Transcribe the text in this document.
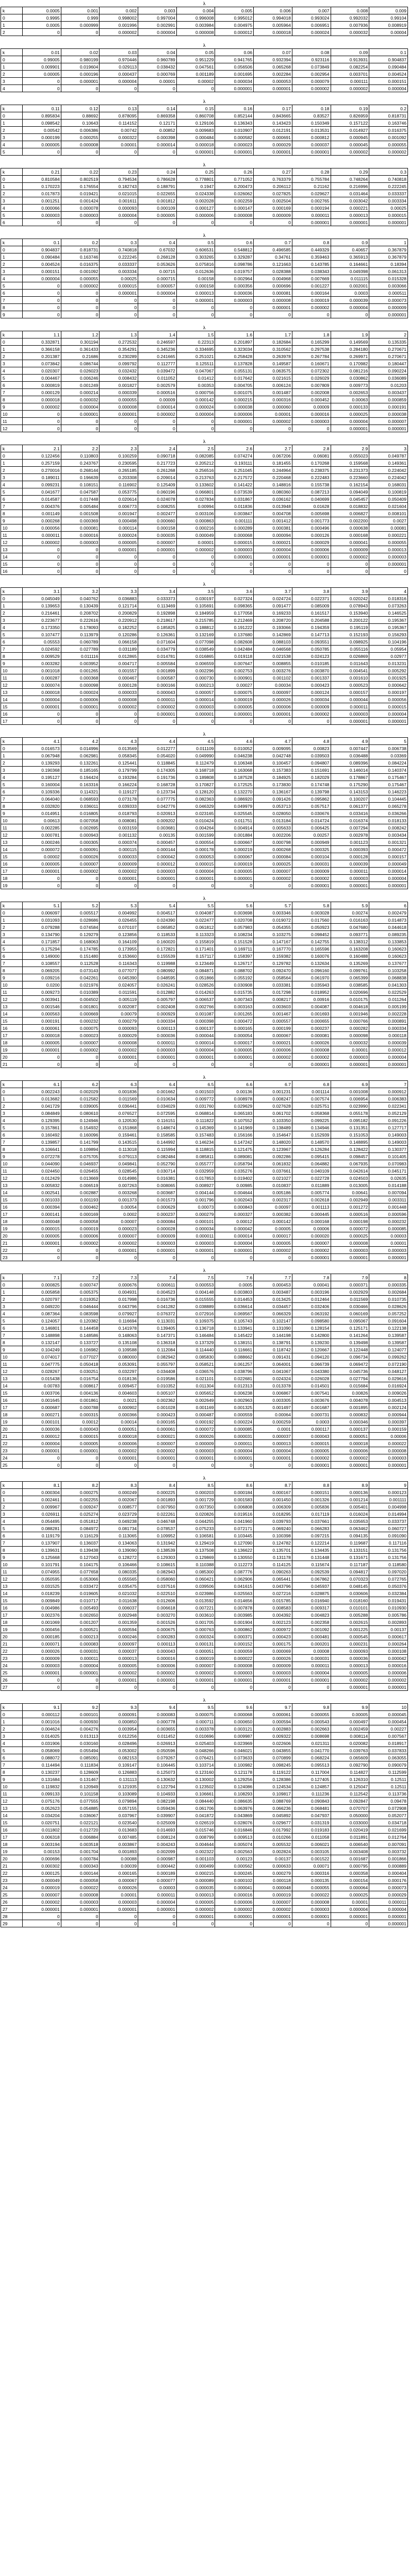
λ
k	0.0005	0.001	0.002	0.003	0.004	0.005	0.006	0.007	0.008	0.009
0	0.9995	0.999	0.998002	0.997004	0.996008	0.995012	0.994018	0.993024	0.992032	0.99104
1	0.0005	0.000999	0.001996	0.002991	0.003984	0.004975	0.005964	0.006951	0.007936	0.008919
2	0	0	0.000002	0.000004	0.000008	0.000012	0.000018	0.000024	0.000032	0.00004
λ
k	0.01	0.02	0.03	0.04	0.05	0.06	0.07	0.08	0.09	0.1
0	0.99005	0.980199	0.970446	0.960789	0.951229	0.941765	0.932394	0.923116	0.913931	0.904837
1	0.009901	0.019604	0.029113	0.038432	0.047561	0.056506	0.065268	0.073849	0.082254	0.090484
2	0.00005	0.000196	0.000437	0.000769	0.001189	0.001695	0.002284	0.002954	0.003701	0.004524
3	0	0.000001	0.000004	0.00001	0.00002	0.000034	0.000053	0.000079	0.000111	0.000151
4	0	0	0	0	0	0.000001	0.000001	0.000002	0.000002	0.000004
λ
k	0.11	0.12	0.13	0.14	0.15	0.16	0.17	0.18	0.19	0.2
0	0.895834	0.88692	0.878095	0.869358	0.860708	0.852144	0.843665	0.83527	0.826959	0.818731
1	0.098542	0.10643	0.114152	0.12171	0.129106	0.136343	0.143423	0.150349	0.157122	0.163746
2	0.00542	0.006386	0.00742	0.00852	0.009683	0.010907	0.012191	0.013531	0.014927	0.016375
3	0.000199	0.000255	0.000322	0.000398	0.000484	0.000582	0.000691	0.000812	0.000945	0.001092
4	0.000005	0.000008	0.00001	0.000014	0.000018	0.000023	0.000029	0.000037	0.000045	0.000055
5	0	0	0	0	0.000001	0.000001	0.000001	0.000001	0.000002	0.000002
λ
k	0.21	0.22	0.23	0.24	0.25	0.26	0.27	0.28	0.29	0.3
0	0.810584	0.802519	0.794534	0.786628	0.778801	0.771052	0.763379	0.755784	0.748264	0.740818
1	0.170223	0.176554	0.182743	0.188791	0.1947	0.200473	0.206112	0.21162	0.216996	0.222245
2	0.017873	0.019421	0.021015	0.022655	0.024338	0.026062	0.027825	0.029627	0.031464	0.033337
3	0.001251	0.001424	0.001611	0.001812	0.002028	0.002259	0.002504	0.002765	0.003042	0.003334
4	0.000066	0.000078	0.000093	0.000109	0.000127	0.000147	0.000169	0.000194	0.000221	0.00025
5	0.000003	0.000003	0.000004	0.000005	0.000006	0.000008	0.000009	0.000011	0.000013	0.000015
6	0	0	0	0	0	0	0	0.000001	0.000001	0.000001
λ
k	0.1	0.2	0.3	0.4	0.5	0.6	0.7	0.8	0.9	1
0	0.904837	0.818731	0.740818	0.67032	0.606531	0.548812	0.496585	0.449329	0.40657	0.367879
1	0.090484	0.163746	0.222245	0.268128	0.303265	0.329287	0.34761	0.359463	0.365913	0.367879
2	0.004524	0.016375	0.033337	0.053626	0.075816	0.098786	0.121663	0.143785	0.164661	0.18394
3	0.000151	0.001092	0.003334	0.00715	0.012636	0.019757	0.028388	0.038343	0.049398	0.061313
4	0.000004	0.000055	0.00025	0.000715	0.00158	0.002964	0.004968	0.007669	0.011115	0.015328
5	0	0.000002	0.000015	0.000057	0.000158	0.000356	0.000696	0.001227	0.002001	0.003066
6	0	0	0.000001	0.000004	0.000013	0.000036	0.000081	0.000164	0.0003	0.000511
7	0	0	0	0	0.000001	0.000003	0.000008	0.000019	0.000039	0.000073
8	0	0	0	0	0	0	0.000001	0.000002	0.000004	0.000009
9	0	0	0	0	0	0	0	0	0	0.000001
λ
k	1.1	1.2	1.3	1.4	1.5	1.6	1.7	1.8	1.9	2
0	0.332871	0.301194	0.272532	0.246597	0.22313	0.201897	0.182684	0.165299	0.149569	0.135335
1	0.366158	0.361433	0.354291	0.345236	0.334695	0.323034	0.310562	0.297538	0.284180	0.270671
2	0.201387	0.21686	0.230289	0.241665	0.251021	0.258428	0.263978	0.267784	0.269971	0.270671
3	0.073842	0.086744	0.099792	0.112777	0.125511	0.137828	0.149587	0.160671	0.170982	0.180447
4	0.020307	0.026023	0.032432	0.039472	0.047067	0.055131	0.063575	0.072302	0.081216	0.090224
5	0.004467	0.006246	0.008432	0.011052	0.01412	0.017642	0.021615	0.026029	0.030862	0.036089
6	0.000819	0.001249	0.001827	0.002579	0.00353	0.004705	0.006124	0.007809	0.009773	0.01203
7	0.000129	0.000214	0.000339	0.000516	0.000756	0.001075	0.001487	0.002008	0.002653	0.003437
8	0.000018	0.000032	0.000055	0.00009	0.000142	0.000215	0.000316	0.000452	0.00063	0.000859
9	0.000002	0.000004	0.000008	0.000014	0.000024	0.000038	0.000060	0.00009	0.000133	0.000191
10	0	0.000001	0.000001	0.000002	0.000004	0.000006	0.00001	0.000016	0.000025	0.000038
11	0	0	0	0	0	0.000001	0.000002	0.000003	0.000004	0.000007
12	0	0	0	0	0	0	0	0	0.000001	0.000001
λ
k	2.1	2.2	2.3	2.4	2.5	2.6	2.7	2.8	2.9	3
0	0.122456	0.110803	0.100259	0.090718	0.082085	0.074274	0.067206	0.06081	0.055023	0.049787
1	0.257159	0.243767	0.230595	0.217723	0.205212	0.193111	0.181455	0.170268	0.159568	0.149361
2	0.270016	0.268144	0.265185	0.261268	0.256516	0.251045	0.244964	0.238375	0.231373	0.224042
3	0.189011	0.196639	0.203308	0.209014	0.213763	0.217572	0.220468	0.222483	0.223660	0.224042
4	0.099231	0.108151	0.116902	0.125409	0.133602	0.141422	0.148816	0.155738	0.162154	0.168031
5	0.041677	0.047587	0.053775	0.060196	0.066801	0.073539	0.080360	0.087213	0.094049	0.100819
6	0.014587	0.017448	0.020614	0.024078	0.027834	0.031867	0.036162	0.040699	0.045457	0.050409
7	0.004376	0.005484	0.006773	0.008255	0.00994	0.011836	0.013948	0.01628	0.018832	0.021604
8	0.001149	0.001508	0.001947	0.002477	0.003106	0.003847	0.004708	0.005698	0.006827	0.008101
9	0.000268	0.000369	0.000498	0.000660	0.000863	0.001111	0.001412	0.001773	0.002200	0.0027
10	0.000056	0.000081	0.000114	0.000158	0.000216	0.000289	0.000381	0.000496	0.000638	0.00081
11	0.000011	0.000016	0.000024	0.000035	0.000049	0.000068	0.000094	0.000126	0.000168	0.000221
12	0.000002	0.000003	0.000005	0.000007	0.00001	0.000015	0.000021	0.000029	0.000041	0.000055
13	0	0	0.000001	0.000001	0.000002	0.000003	0.000004	0.000006	0.000009	0.000013
14	0	0	0	0	0	0.000001	0.000001	0.000001	0.000002	0.000003
15	0	0	0	0	0	0	0	0	0	0.000001
16	0	0	0	0	0	0	0	0	0	0
λ
k	3.1	3.2	3.3	3.4	3.5	3.6	3.7	3.8	3.9	4
0	0.045049	0.040762	0.036883	0.033373	0.030197	0.027324	0.024724	0.022371	0.020242	0.018316
1	0.139653	0.130439	0.121714	0.113469	0.105691	0.098365	0.091477	0.085009	0.078943	0.073263
2	0.216461	0.208702	0.200829	0.192898	0.184959	0.177058	0.169233	0.161517	0.153940	0.146525
3	0.223677	0.222616	0.220912	0.218617	0.215785	0.212469	0.208720	0.204588	0.200122	0.195367
4	0.173350	0.178093	0.182252	0.185825	0.188812	0.191222	0.193066	0.194359	0.195119	0.195367
5	0.107477	0.113979	0.120286	0.126361	0.132169	0.137680	0.142869	0.147713	0.152193	0.156293
6	0.05553	0.060789	0.066158	0.071604	0.077098	0.082608	0.088103	0.093551	0.098925	0.104196
7	0.024592	0.027789	0.031189	0.034779	0.038549	0.042484	0.046568	0.050785	0.055116	0.05954
8	0.009529	0.011116	0.012865	0.014781	0.016865	0.019118	0.021538	0.024123	0.026869	0.02977
9	0.003282	0.003952	0.004717	0.005584	0.006559	0.007647	0.008855	0.010185	0.011643	0.013231
10	0.001018	0.001265	0.001557	0.001899	0.002296	0.002753	0.003276	0.003870	0.004541	0.005292
11	0.000287	0.000368	0.000467	0.000587	0.000730	0.000901	0.001102	0.001337	0.001610	0.001925
12	0.000074	0.000098	0.000128	0.000166	0.000213	0.00027	0.00034	0.000423	0.000523	0.000642
13	0.000018	0.000024	0.000033	0.000043	0.000057	0.000075	0.000097	0.000124	0.000157	0.000197
14	0.000004	0.000006	0.000008	0.000011	0.000014	0.000019	0.000026	0.000034	0.000044	0.000056
15	0.000001	0.000001	0.000002	0.000002	0.000003	0.000005	0.000006	0.000009	0.000011	0.000015
16	0	0	0	0.000001	0.000001	0.000001	0.000001	0.000002	0.000003	0.000004
17	0	0	0	0	0	0	0	0	0.000001	0.000001
λ
k	4.1	4.2	4.3	4.4	4.5	4.6	4.7	4.8	4.9	5
0	0.016573	0.014996	0.013569	0.012277	0.011109	0.010052	0.009095	0.00823	0.007447	0.006738
1	0.067948	0.062981	0.058345	0.054020	0.049990	0.046238	0.042748	0.039503	0.036488	0.03369
2	0.139293	0.132261	0.125441	0.118845	0.112479	0.106348	0.100457	0.094807	0.089396	0.084224
3	0.190368	0.185165	0.179799	0.174305	0.168718	0.163068	0.157383	0.151691	0.146014	0.140374
4	0.195127	0.194424	0.193284	0.191736	0.189808	0.187528	0.184925	0.182029	0.178867	0.175467
5	0.160004	0.163316	0.166224	0.168728	0.170827	0.172525	0.173830	0.174748	0.175290	0.175467
6	0.109336	0.114321	0.119127	0.123734	0.128120	0.132270	0.136167	0.139798	0.143153	0.146223
7	0.064040	0.068593	0.073178	0.077775	0.082363	0.086920	0.091426	0.095862	0.100207	0.104445
8	0.032820	0.036011	0.039333	0.042776	0.046329	0.049979	0.053713	0.057517	0.061377	0.065278
9	0.014951	0.016805	0.018793	0.020913	0.023165	0.025545	0.028050	0.030676	0.033416	0.036266
10	0.00613	0.007058	0.008081	0.009202	0.010424	0.011751	0.013184	0.014724	0.016374	0.018133
11	0.002285	0.002695	0.003159	0.003681	0.004264	0.004914	0.005633	0.006425	0.007294	0.008242
12	0.000781	0.000943	0.001132	0.00135	0.001599	0.001884	0.002206	0.00257	0.002978	0.003434
13	0.000246	0.000305	0.000374	0.000457	0.000554	0.000667	0.000798	0.000949	0.001123	0.001321
14	0.000072	0.000091	0.000115	0.000144	0.000178	0.000219	0.000268	0.000325	0.000393	0.000472
15	0.00002	0.000026	0.000033	0.000042	0.000053	0.000067	0.000084	0.000104	0.000128	0.000157
16	0.000005	0.000007	0.000009	0.000012	0.000015	0.000019	0.000025	0.000031	0.000039	0.000049
17	0.000001	0.000002	0.000002	0.000003	0.000004	0.000005	0.000007	0.000009	0.000011	0.000014
18	0	0	0.000001	0.000001	0.000001	0.000001	0.000002	0.000002	0.000003	0.000004
19	0	0	0	0	0	0	0	0.000001	0.000001	0.000001
λ
k	5.1	5.2	5.3	5.4	5.5	5.6	5.7	5.8	5.9	6
0	0.006097	0.005517	0.004992	0.004517	0.004087	0.003698	0.003346	0.003028	0.00274	0.002479
1	0.031093	0.028686	0.026455	0.024390	0.022477	0.020708	0.019072	0.017560	0.016163	0.014873
2	0.079288	0.074584	0.070107	0.065852	0.061812	0.057983	0.054355	0.050923	0.047680	0.044618
3	0.134790	0.129279	0.123856	0.118533	0.113323	0.108234	0.103275	0.098452	0.093771	0.089235
4	0.171857	0.168063	0.164109	0.160020	0.155819	0.151528	0.147167	0.142755	0.138312	0.133853
5	0.175294	0.174785	0.173955	0.172821	0.171401	0.169711	0.167770	0.165596	0.163208	0.160623
6	0.149000	0.151480	0.153660	0.155539	0.157117	0.158397	0.159382	0.160076	0.160488	0.160623
7	0.108557	0.112528	0.116343	0.119988	0.123449	0.126717	0.129782	0.132634	0.135269	0.137677
8	0.069205	0.073143	0.077077	0.080992	0.084871	0.088702	0.092470	0.096160	0.099761	0.103258
9	0.039216	0.042261	0.045390	0.048595	0.051866	0.055192	0.058564	0.061970	0.065399	0.068838
10	0.0200	0.021976	0.024057	0.026241	0.028526	0.030908	0.033381	0.035943	0.038585	0.041303
11	0.009273	0.010389	0.011591	0.012882	0.014263	0.015735	0.017298	0.018952	0.020696	0.022529
12	0.003941	0.004502	0.005119	0.005797	0.006537	0.007343	0.008217	0.00916	0.010175	0.011264
13	0.001546	0.001801	0.002087	0.002408	0.002766	0.003163	0.003603	0.004087	0.004618	0.005199
14	0.000563	0.000669	0.00079	0.000929	0.001087	0.001265	0.001467	0.001693	0.001946	0.002228
15	0.000191	0.000232	0.000279	0.000334	0.000398	0.000472	0.000557	0.000655	0.000766	0.000891
16	0.000061	0.000075	0.000093	0.000113	0.000137	0.000165	0.000199	0.000237	0.000282	0.000334
17	0.000018	0.000023	0.000029	0.000036	0.000044	0.000054	0.000067	0.000081	0.000098	0.000118
18	0.000005	0.000007	0.000008	0.000011	0.000014	0.000017	0.000021	0.000026	0.000032	0.000039
19	0.000001	0.000002	0.000002	0.000003	0.000004	0.000005	0.000006	0.000008	0.00001	0.000012
20	0	0	0.000001	0.000001	0.000001	0.000001	0.000002	0.000002	0.000003	0.000004
21	0	0	0	0	0	0	0	0.000001	0.000001	0.000001
λ
k	6.1	6.2	6.3	6.4	6.5	6.6	6.7	6.8	6.9	7
0	0.002243	0.002029	0.001836	0.001662	0.001503	0.00136	0.001231	0.001114	0.001008	0.000912
1	0.013682	0.012582	0.011569	0.010634	0.009772	0.008978	0.008247	0.007574	0.006954	0.006383
2	0.041729	0.039005	0.036441	0.034029	0.031760	0.029629	0.027628	0.025751	0.023990	0.022341
3	0.084849	0.080610	0.076527	0.072595	0.068814	0.065183	0.061702	0.058368	0.055178	0.052129
4	0.129395	0.124946	0.120530	0.116151	0.111822	0.107552	0.103350	0.099225	0.095182	0.091226
5	0.157861	0.154932	0.151868	0.148674	0.145369	0.141969	0.138489	0.134946	0.131351	0.127717
6	0.160492	0.160096	0.159461	0.158585	0.157483	0.156166	0.154647	0.152939	0.151053	0.149003
7	0.139857	0.141799	0.143515	0.144992	0.146234	0.147242	0.148020	0.148570	0.148895	0.149003
8	0.106641	0.109894	0.113018	0.115994	0.118815	0.121475	0.123967	0.126284	0.128422	0.130377
9	0.072278	0.075705	0.079113	0.082484	0.085811	0.089081	0.092286	0.095415	0.098457	0.101405
10	0.044090	0.046937	0.049841	0.052790	0.055777	0.058794	0.061832	0.064882	0.067935	0.070983
11	0.024450	0.026455	0.028545	0.030714	0.032959	0.035276	0.037661	0.040109	0.042614	0.045171
12	0.012429	0.013669	0.014986	0.016381	0.017853	0.019402	0.021027	0.022728	0.024503	0.02635
13	0.005832	0.006519	0.007263	0.008065	0.008927	0.00985	0.010837	0.011889	0.013005	0.014188
14	0.002541	0.002887	0.003268	0.003687	0.004144	0.004644	0.005186	0.005774	0.00641	0.007094
15	0.001033	0.001193	0.001373	0.001573	0.001796	0.002043	0.002317	0.002618	0.002949	0.003311
16	0.000394	0.000462	0.00054	0.000629	0.00073	0.000843	0.00097	0.001113	0.001272	0.001448
17	0.000141	0.000169	0.0002	0.000237	0.000279	0.000327	0.000382	0.000445	0.000516	0.000596
18	0.000048	0.000058	0.00007	0.000084	0.000101	0.00012	0.000142	0.000168	0.000198	0.000232
19	0.000015	0.000019	0.000023	0.000028	0.000034	0.000042	0.00005	0.00006	0.000072	0.000085
20	0.000005	0.000006	0.000007	0.000009	0.000011	0.000014	0.000017	0.000020	0.000025	0.00003
21	0.000001	0.000002	0.000002	0.000003	0.000003	0.000004	0.000005	0.000007	0.000008	0.00001
22	0	0	0.000001	0.000001	0.000001	0.000001	0.000002	0.000002	0.000003	0.000003
23	0	0	0	0	0	0	0	0.000001	0.000001	0.000001
λ
k	7.1	7.2	7.3	7.4	7.5	7.6	7.7	7.8	7.9	8
0	0.000825	0.000747	0.000676	0.000611	0.000553	0.0005	0.000453	0.00041	0.000371	0.000335
1	0.005858	0.005375	0.004931	0.004523	0.004148	0.003803	0.003487	0.003196	0.002929	0.002684
2	0.020797	0.019352	0.017998	0.016736	0.015555	0.014453	0.013425	0.012464	0.011569	0.010735
3	0.049220	0.046444	0.043796	0.041282	0.038889	0.036614	0.034457	0.032406	0.030466	0.028626
4	0.087364	0.083598	0.079927	0.076372	0.072916	0.069567	0.066329	0.063192	0.060169	0.057252
5	0.124057	0.120382	0.116694	0.113031	0.109375	0.105743	0.102147	0.098580	0.095067	0.091604
6	0.146801	0.144458	0.141978	0.139405	0.136718	0.133941	0.131090	0.128154	0.125171	0.122138
7	0.148898	0.148586	0.148063	0.147371	0.146484	0.145422	0.144198	0.142800	0.141264	0.139587
8	0.132147	0.133727	0.135108	0.136318	0.137329	0.138151	0.138791	0.139230	0.139498	0.139587
9	0.104249	0.106982	0.109588	0.112084	0.114440	0.116661	0.118742	0.120667	0.122448	0.124077
10	0.074017	0.077027	0.080000	0.082942	0.085830	0.088662	0.091431	0.094120	0.096734	0.099262
11	0.047775	0.050418	0.053091	0.055797	0.058521	0.061257	0.064001	0.066739	0.069472	0.072190
12	0.028267	0.030251	0.032297	0.034408	0.036576	0.038796	0.041067	0.043380	0.045736	0.048127
13	0.015438	0.016754	0.018136	0.019586	0.021101	0.022681	0.024324	0.026028	0.027794	0.029616
14	0.00783	0.008617	0.009457	0.010352	0.011304	0.012313	0.013378	0.014501	0.015684	0.016924
15	0.003706	0.004136	0.004603	0.005107	0.005652	0.006238	0.006867	0.007541	0.00826	0.009026
16	0.001645	0.001861	0.0021	0.002362	0.002649	0.002963	0.003305	0.003676	0.004078	0.004513
17	0.000687	0.000788	0.000902	0.001028	0.001169	0.001325	0.001497	0.001687	0.001895	0.002124
18	0.000271	0.000315	0.000366	0.000423	0.000487	0.000559	0.00064	0.000731	0.000832	0.000944
19	0.000101	0.00012	0.00014	0.000165	0.000192	0.000224	0.000259	0.0003	0.000346	0.000397
20	0.000036	0.000043	0.000051	0.000061	0.000072	0.000085	0.0001	0.000117	0.000137	0.000159
21	0.000012	0.000015	0.000018	0.000021	0.000026	0.000031	0.000037	0.000043	0.000051	0.00006
22	0.000004	0.000005	0.000006	0.000007	0.000009	0.000011	0.000013	0.000015	0.000018	0.000022
23	0.000001	0.000001	0.000002	0.000002	0.000003	0.000004	0.000004	0.000005	0.000006	0.000008
24	0	0	0.000001	0.000001	0.000001	0.000001	0.000001	0.000002	0.000002	0.000003
25	0	0	0	0	0	0	0	0.000001	0.000001	0.000001
λ
k	8.1	8.2	8.3	8.4	8.5	8.6	8.7	8.8	8.9	9
0	0.000304	0.000275	0.000249	0.000225	0.000203	0.000184	0.000167	0.000151	0.000136	0.000123
1	0.002461	0.002255	0.002067	0.001893	0.001729	0.001583	0.001450	0.001326	0.001214	0.001111
2	0.009967	0.009247	0.008577	0.007950	0.007350	0.006808	0.006309	0.005836	0.005401	0.004998
3	0.026911	0.025274	0.023729	0.022261	0.020826	0.019516	0.018295	0.017119	0.016024	0.014994
4	0.054495	0.051812	0.049238	0.046748	0.044255	0.041960	0.039793	0.037661	0.035653	0.033737
5	0.088281	0.084972	0.081734	0.078537	0.075233	0.072171	0.069240	0.066283	0.063462	0.060727
6	0.119179	0.116129	0.113065	0.109952	0.106581	0.103445	0.100398	0.097215	0.094135	0.091090
7	0.137907	0.136037	0.134063	0.131942	0.129419	0.127090	0.124782	0.122214	0.119687	0.117116
8	0.139631	0.139438	0.139090	0.138539	0.137508	0.136622	0.135701	0.134435	0.133151	0.131756
9	0.125668	0.127043	0.128272	0.129303	0.129869	0.130550	0.131178	0.131448	0.131671	0.131756
10	0.101791	0.104175	0.106466	0.108615	0.110388	0.112273	0.114125	0.115674	0.117187	0.118580
11	0.074955	0.077658	0.080335	0.082943	0.085300	0.087776	0.090263	0.092539	0.094817	0.097020
12	0.050595	0.053066	0.055565	0.058060	0.060421	0.062906	0.065441	0.067862	0.070323	0.072765
13	0.031525	0.033472	0.035475	0.037516	0.039506	0.041615	0.043796	0.045937	0.048145	0.050376
14	0.018239	0.019605	0.021032	0.022510	0.023986	0.025563	0.027216	0.028875	0.030606	0.032384
15	0.009849	0.010717	0.011638	0.012606	0.013592	0.014656	0.015785	0.016940	0.018160	0.019431
16	0.004986	0.005493	0.006037	0.006618	0.007221	0.007878	0.008583	0.009317	0.010101	0.010930
17	0.002376	0.002650	0.002948	0.003270	0.003610	0.003985	0.004392	0.004823	0.005288	0.005786
18	0.001069	0.001207	0.001359	0.001526	0.001705	0.001904	0.002123	0.002358	0.002615	0.002893
19	0.000456	0.000521	0.000594	0.000675	0.000763	0.000862	0.000972	0.001092	0.001225	0.00137
20	0.000185	0.000213	0.000246	0.000283	0.000324	0.000371	0.000423	0.000481	0.000545	0.000617
21	0.000071	0.000083	0.000097	0.000113	0.000131	0.000152	0.000175	0.000201	0.000231	0.000264
22	0.000026	0.000031	0.000037	0.000043	0.000051	0.000059	0.000069	0.00008	0.000093	0.000108
23	0.000009	0.000011	0.000013	0.000016	0.000019	0.000022	0.000026	0.000031	0.000036	0.000042
24	0.000003	0.000004	0.000005	0.000006	0.000007	0.000008	0.000009	0.000011	0.000013	0.000016
25	0.000001	0.000001	0.000002	0.000002	0.000002	0.000003	0.000003	0.000004	0.000005	0.000006
26	0	0	0.000001	0.000001	0.000001	0.000001	0.000001	0.000001	0.000002	0.000002
27	0	0	0	0	0	0	0	0	0.000001	0.000001
λ
k	9.1	9.2	9.3	9.4	9.5	9.6	9.7	9.8	9.9	10
0	0.000112	0.000101	0.000091	0.000083	0.000075	0.000068	0.000061	0.000055	0.00005	0.000045
1	0.001016	0.000930	0.000850	0.000778	0.000711	0.000650	0.000594	0.000543	0.000497	0.000454
2	0.004624	0.004276	0.003954	0.003655	0.003378	0.003121	0.002883	0.002663	0.002459	0.00227
3	0.014025	0.013113	0.012256	0.011452	0.010696	0.009987	0.009322	0.008698	0.008114	0.007567
4	0.031906	0.030160	0.028496	0.026913	0.025403	0.023969	0.022606	0.021311	0.020082	0.018917
5	0.058069	0.055494	0.053002	0.050596	0.048266	0.046021	0.043855	0.041770	0.039763	0.037833
6	0.088072	0.085091	0.082153	0.079267	0.076421	0.073633	0.070899	0.068224	0.065609	0.063055
7	0.114494	0.111834	0.109147	0.106445	0.103714	0.100982	0.098245	0.095513	0.092790	0.090079
8	0.130237	0.128609	0.126883	0.125073	0.123160	0.121178	0.119122	0.117004	0.114827	0.112599
9	0.131684	0.131467	0.131113	0.130632	0.130002	0.129256	0.128386	0.127405	0.126310	0.12511
10	0.119832	0.120949	0.121935	0.122794	0.123502	0.124086	0.124534	0.124857	0.125047	0.12511
11	0.099133	0.101158	0.103089	0.104933	0.106661	0.108293	0.109817	0.111236	0.112542	0.113736
12	0.075176	0.077555	0.079894	0.082198	0.084440	0.086635	0.088769	0.090843	0.092847	0.09478
13	0.052623	0.054885	0.057155	0.059436	0.061706	0.063976	0.066236	0.068481	0.070707	0.072908
14	0.034204	0.036067	0.037967	0.039907	0.041872	0.043869	0.045892	0.047937	0.050000	0.052077
15	0.020751	0.022121	0.023540	0.025009	0.026519	0.028076	0.029677	0.031319	0.033000	0.034718
16	0.011802	0.012720	0.013683	0.014693	0.015746	0.016846	0.017992	0.019183	0.020419	0.021699
17	0.006318	0.006884	0.007485	0.008124	0.008799	0.009513	0.010266	0.011058	0.011891	0.012764
18	0.003194	0.003518	0.003867	0.004243	0.004644	0.005074	0.005532	0.006021	0.006540	0.007091
19	0.00153	0.001704	0.001893	0.002099	0.002322	0.002563	0.002824	0.003105	0.003408	0.003732
20	0.000696	0.000784	0.00088	0.000987	0.001103	0.00123	0.00137	0.001522	0.001687	0.001866
21	0.000302	0.000343	0.00039	0.000442	0.000499	0.000562	0.000633	0.00071	0.000795	0.000889
22	0.000125	0.000144	0.000165	0.000189	0.000215	0.000245	0.000279	0.000316	0.000358	0.000404
23	0.000049	0.000058	0.000067	0.000077	0.000089	0.000102	0.000118	0.000135	0.000154	0.000176
24	0.000019	0.000022	0.000026	0.00003	0.000035	0.000041	0.000048	0.000055	0.000064	0.000073
25	0.000007	0.000008	0.00001	0.000011	0.000013	0.000016	0.000019	0.000022	0.000025	0.000029
26	0.000002	0.000003	0.000003	0.000004	0.000005	0.000006	0.000007	0.000008	0.00001	0.000011
27	0.000001	0.000001	0.000001	0.000001	0.000002	0.000002	0.000002	0.000003	0.000004	0.000004
28	0	0	0	0	0.000001	0.000001	0.000001	0.000001	0.000001	0.000001
29	0	0	0	0	0	0	0	0	0	0.000001
